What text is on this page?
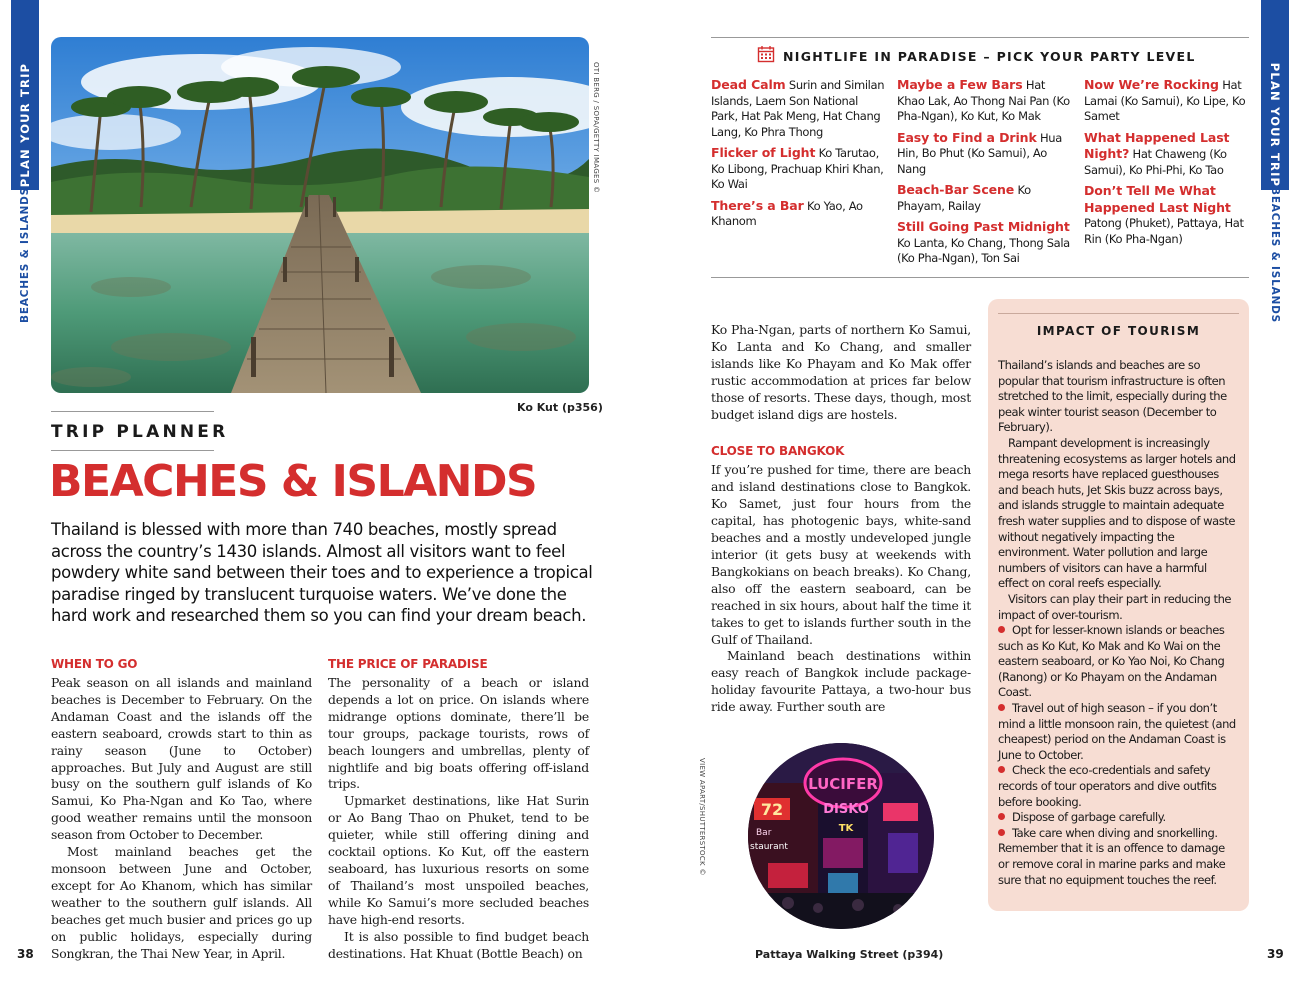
PLAN YOUR TRIP
BEACHES & ISLANDS
PLAN YOUR TRIP
BEACHES & ISLANDS
38	39
OTI BERG / SOPA/GETTY IMAGES ©
Ko Kut (p356)
TRIP PLANNER
BEACHES & ISLANDS
Thailand is blessed with more than 740 beaches, mostly spread across the country’s 1430 islands. Almost all visitors want to feel powdery white sand between their toes and to experience a tropical paradise ringed by translucent turquoise waters. We’ve done the hard work and researched them so you can find your dream beach.
WHEN TO GO

Peak season on all islands and mainland beaches is December to February. On the Andaman Coast and the islands off the eastern seaboard, crowds start to thin as rainy season (June to October) approaches. But July and August are still busy on the southern gulf islands of Ko Samui, Ko Pha-Ngan and Ko Tao, where good weather remains until the monsoon season from October to December.

Most mainland beaches get the monsoon between June and October, except for Ao Khanom, which has similar weather to the southern gulf islands. All beaches get much busier and prices go up on public holidays, especially during Songkran, the Thai New Year, in April.

THE PRICE OF PARADISE

The personality of a beach or island depends a lot on price. On islands where midrange options dominate, there’ll be tour groups, package tourists, rows of beach loungers and umbrellas, plenty of nightlife and big boats offering off-island trips.

Upmarket destinations, like Hat Surin or Ao Bang Thao on Phuket, tend to be quieter, while still offering dining and cocktail options. Ko Kut, off the eastern seaboard, has luxurious resorts on some of Thailand’s most unspoiled beaches, while Ko Samui’s more secluded beaches have high-end resorts.

It is also possible to find budget beach destinations. Hat Khuat (Bottle Beach) on

NIGHTLIFE IN PARADISE – PICK YOUR PARTY LEVEL

Dead Calm Surin and Similan Islands, Laem Son National Park, Hat Pak Meng, Hat Chang Lang, Ko Phra Thong

Flicker of Light Ko Tarutao, Ko Libong, Prachuap Khiri Khan, Ko Wai

There’s a Bar Ko Yao, Ao Khanom

Maybe a Few Bars Hat Khao Lak, Ao Thong Nai Pan (Ko Pha-Ngan), Ko Kut, Ko Mak

Easy to Find a Drink Hua Hin, Bo Phut (Ko Samui), Ao Nang

Beach-Bar Scene Ko Phayam, Railay

Still Going Past Midnight Ko Lanta, Ko Chang, Thong Sala (Ko Pha-Ngan), Ton Sai

Now We’re Rocking Hat Lamai (Ko Samui), Ko Lipe, Ko Samet

What Happened Last Night? Hat Chaweng (Ko Samui), Ko Phi-Phi, Ko Tao

Don’t Tell Me What Happened Last Night Patong (Phuket), Pattaya, Hat Rin (Ko Pha-Ngan)

Ko Pha-Ngan, parts of northern Ko Samui, Ko Lanta and Ko Chang, and smaller islands like Ko Phayam and Ko Mak offer rustic accommodation at prices far below those of resorts. These days, though, most budget island digs are hostels.

CLOSE TO BANGKOK

If you’re pushed for time, there are beach and island destinations close to Bangkok. Ko Samet, just four hours from the capital, has photogenic bays, white-sand beaches and a mostly undeveloped jungle interior (it gets busy at weekends with Bangkokians on beach breaks). Ko Chang, also off the eastern seaboard, can be reached in six hours, about half the time it takes to get to islands further south in the Gulf of Thailand.

Mainland beach destinations within easy reach of Bangkok include package-holiday favourite Pattaya, a two-hour bus ride away. Further south are

IMPACT OF TOURISM

Thailand’s islands and beaches are so popular that tourism infrastructure is often stretched to the limit, especially during the peak winter tourist season (December to February).

Rampant development is increasingly threatening ecosystems as larger hotels and mega resorts have replaced guesthouses and beach huts, Jet Skis buzz across bays, and islands struggle to maintain adequate fresh water supplies and to dispose of waste without negatively impacting the environment. Water pollution and large numbers of visitors can have a harmful effect on coral reefs especially.

Visitors can play their part in reducing the impact of over-tourism.

Opt for lesser-known islands or beaches such as Ko Kut, Ko Mak and Ko Wai on the eastern seaboard, or Ko Yao Noi, Ko Chang (Ranong) or Ko Phayam on the Andaman Coast.

Travel out of high season – if you don’t mind a little monsoon rain, the quietest (and cheapest) period on the Andaman Coast is June to October.

Check the eco-credentials and safety records of tour operators and dive outfits before booking.

Dispose of garbage carefully.

Take care when diving and snorkelling. Remember that it is an offence to damage or remove coral in marine parks and make sure that no equipment touches the reef.

LUCIFER
DISKO
72
Bar
staurant
TK
VIEW APART/SHUTTERSTOCK ©
Pattaya Walking Street (p394)
